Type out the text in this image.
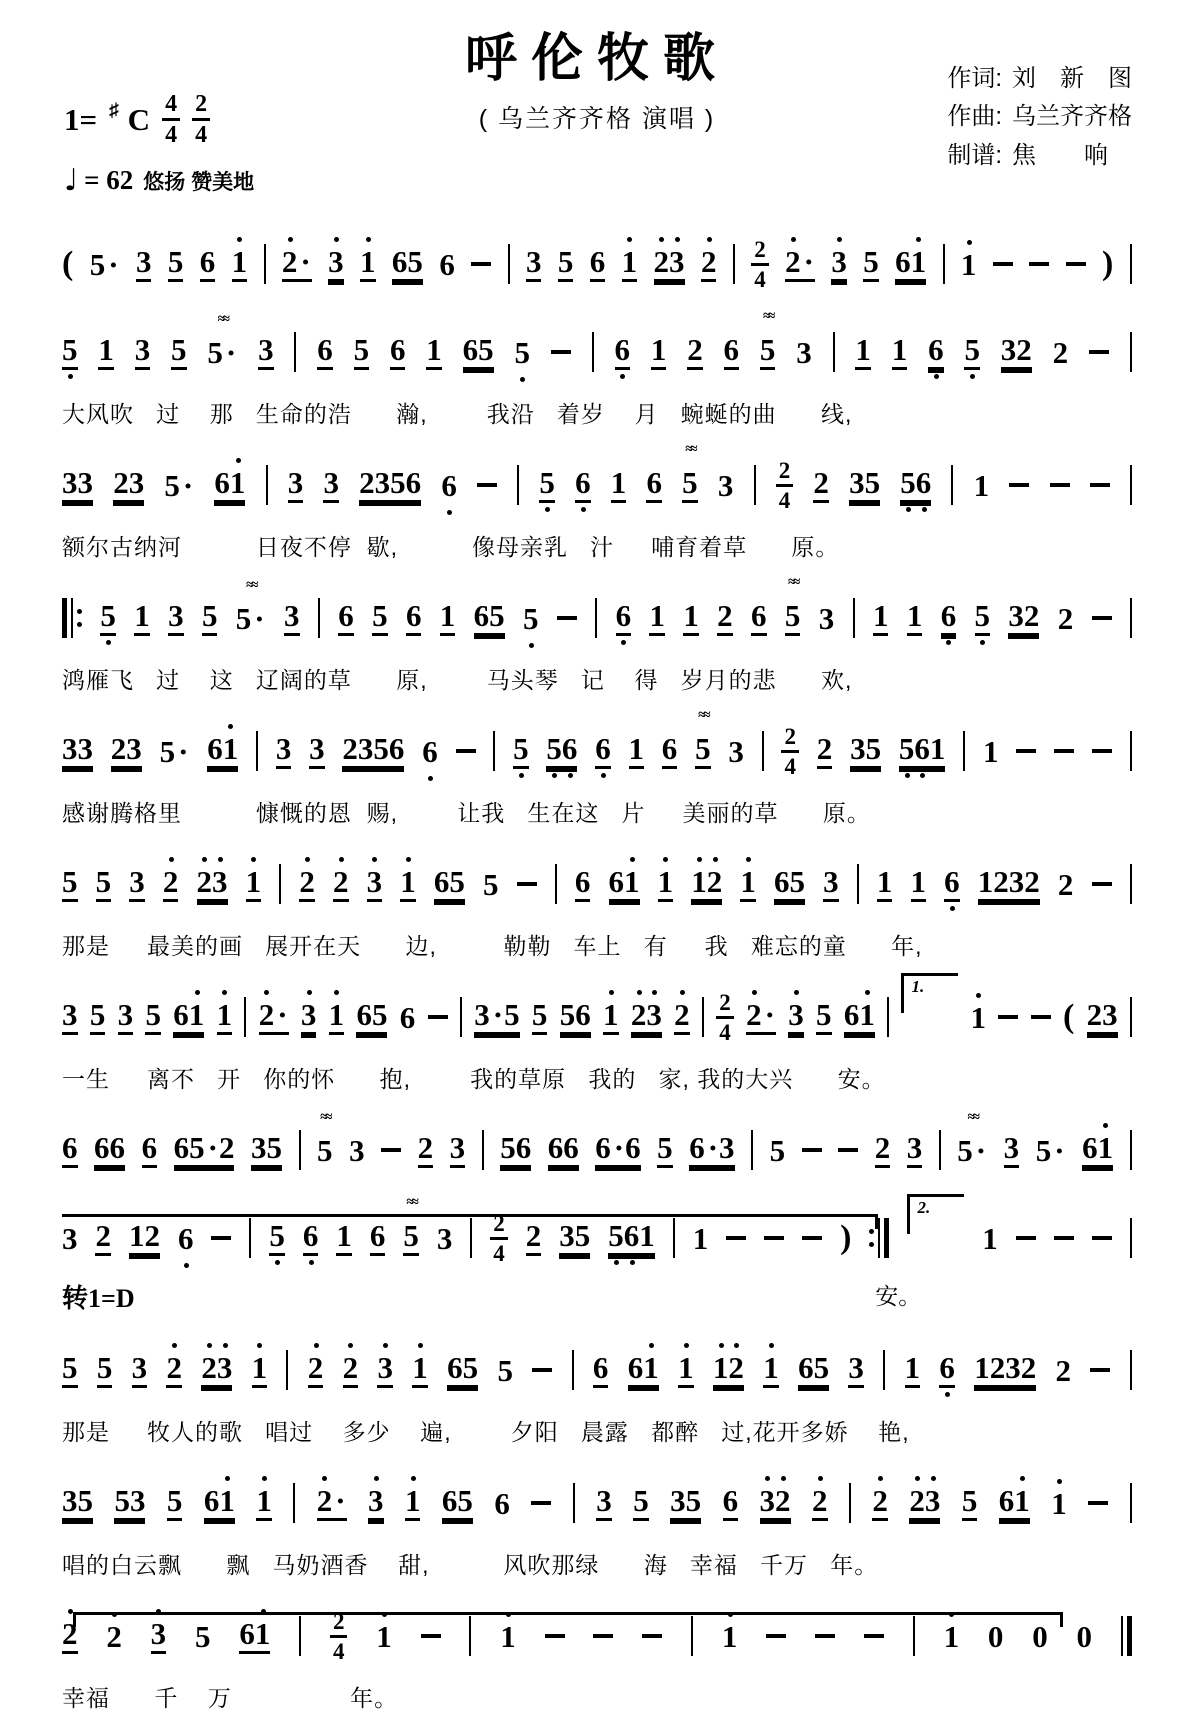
1= ♯ C $\frac{4}{4} \frac{2}{4}$
♩ = 62 悠扬 赞美地
呼伦牧歌
( 乌兰齐齐格 演唱 )
作词: 刘　新　图
作曲: 乌兰齐齐格
制谱: 焦　　响
( 5· 3 5 6 1 2· 3 1 65 6 3 5 6 1 23 2 2
4 2· 3 5 61 1	)
5 1 3 5
≈≈
5· 3 6 5 6 1 65 5	6 1 2 6
≈≈
5 3 1 1 6 5 32 2
大风吹   过    那   生命的浩      瀚,        我沿   着岁    月   蜿蜒的曲      线,
33 23 5· 61 3 3 2356 6	5 6 1 6
≈≈
5 3 2
4 2 35 56 1
额尔古纳河          日夜不停  歇,          像母亲乳   汁     哺育着草      原。
5 1 3 5
≈≈
5· 3 6 5 6 1 65 5 6 1 1 2 6
≈≈
5 3 1 1 6 5 32 2
鸿雁飞   过    这   辽阔的草      原,        马头琴   记    得   岁月的悲      欢,
33 23 5· 61 3 3 2356 6 5 56 6 1 6
≈≈
5 3 2
4 2 35 561 1
感谢腾格里          慷慨的恩  赐,        让我   生在这   片     美丽的草      原。
5 5 3 2 23 1 2 2 3 1 65 5 6 61 1 12 1 65 3 1 1 6 1232 2
那是     最美的画   展开在天      边,         勒勒   车上   有     我   难忘的童      年,
3 5 3 5 61 1 2· 3 1 65 6 3·5 5 56 1 23 2 2
4 2· 3 5 61
1.
1 ( 23
一生     离不   开   你的怀      抱,        我的草原   我的   家, 我的大兴      安。
6 66 6 65·2 35
≈≈
5 3 2 3 56 66 6·6 5 6·3 5	2 3
≈≈
5· 3 5· 61
3 2 12 6 5 6 1 6
≈≈
5 3 2
4 2 35 561 1	)
2.
1
转1=D	安。
5 5 3 2 23 1 2 2 3 1 65 5	6 61 1 12 1 65 3 1 6 1232 2
那是     牧人的歌   唱过    多少    遍,        夕阳   晨露   都醉   过,花开多娇    艳,
35 53 5 61 1 2· 3 1 65 6	3 5 35 6 32 2 2 23 5 61 1
唱的白云飘      飘   马奶酒香    甜,          风吹那绿      海   幸福   千万   年。
2 2 3 5 61	2
4 1	1	1	1 0 0 0
幸福      千    万                年。
